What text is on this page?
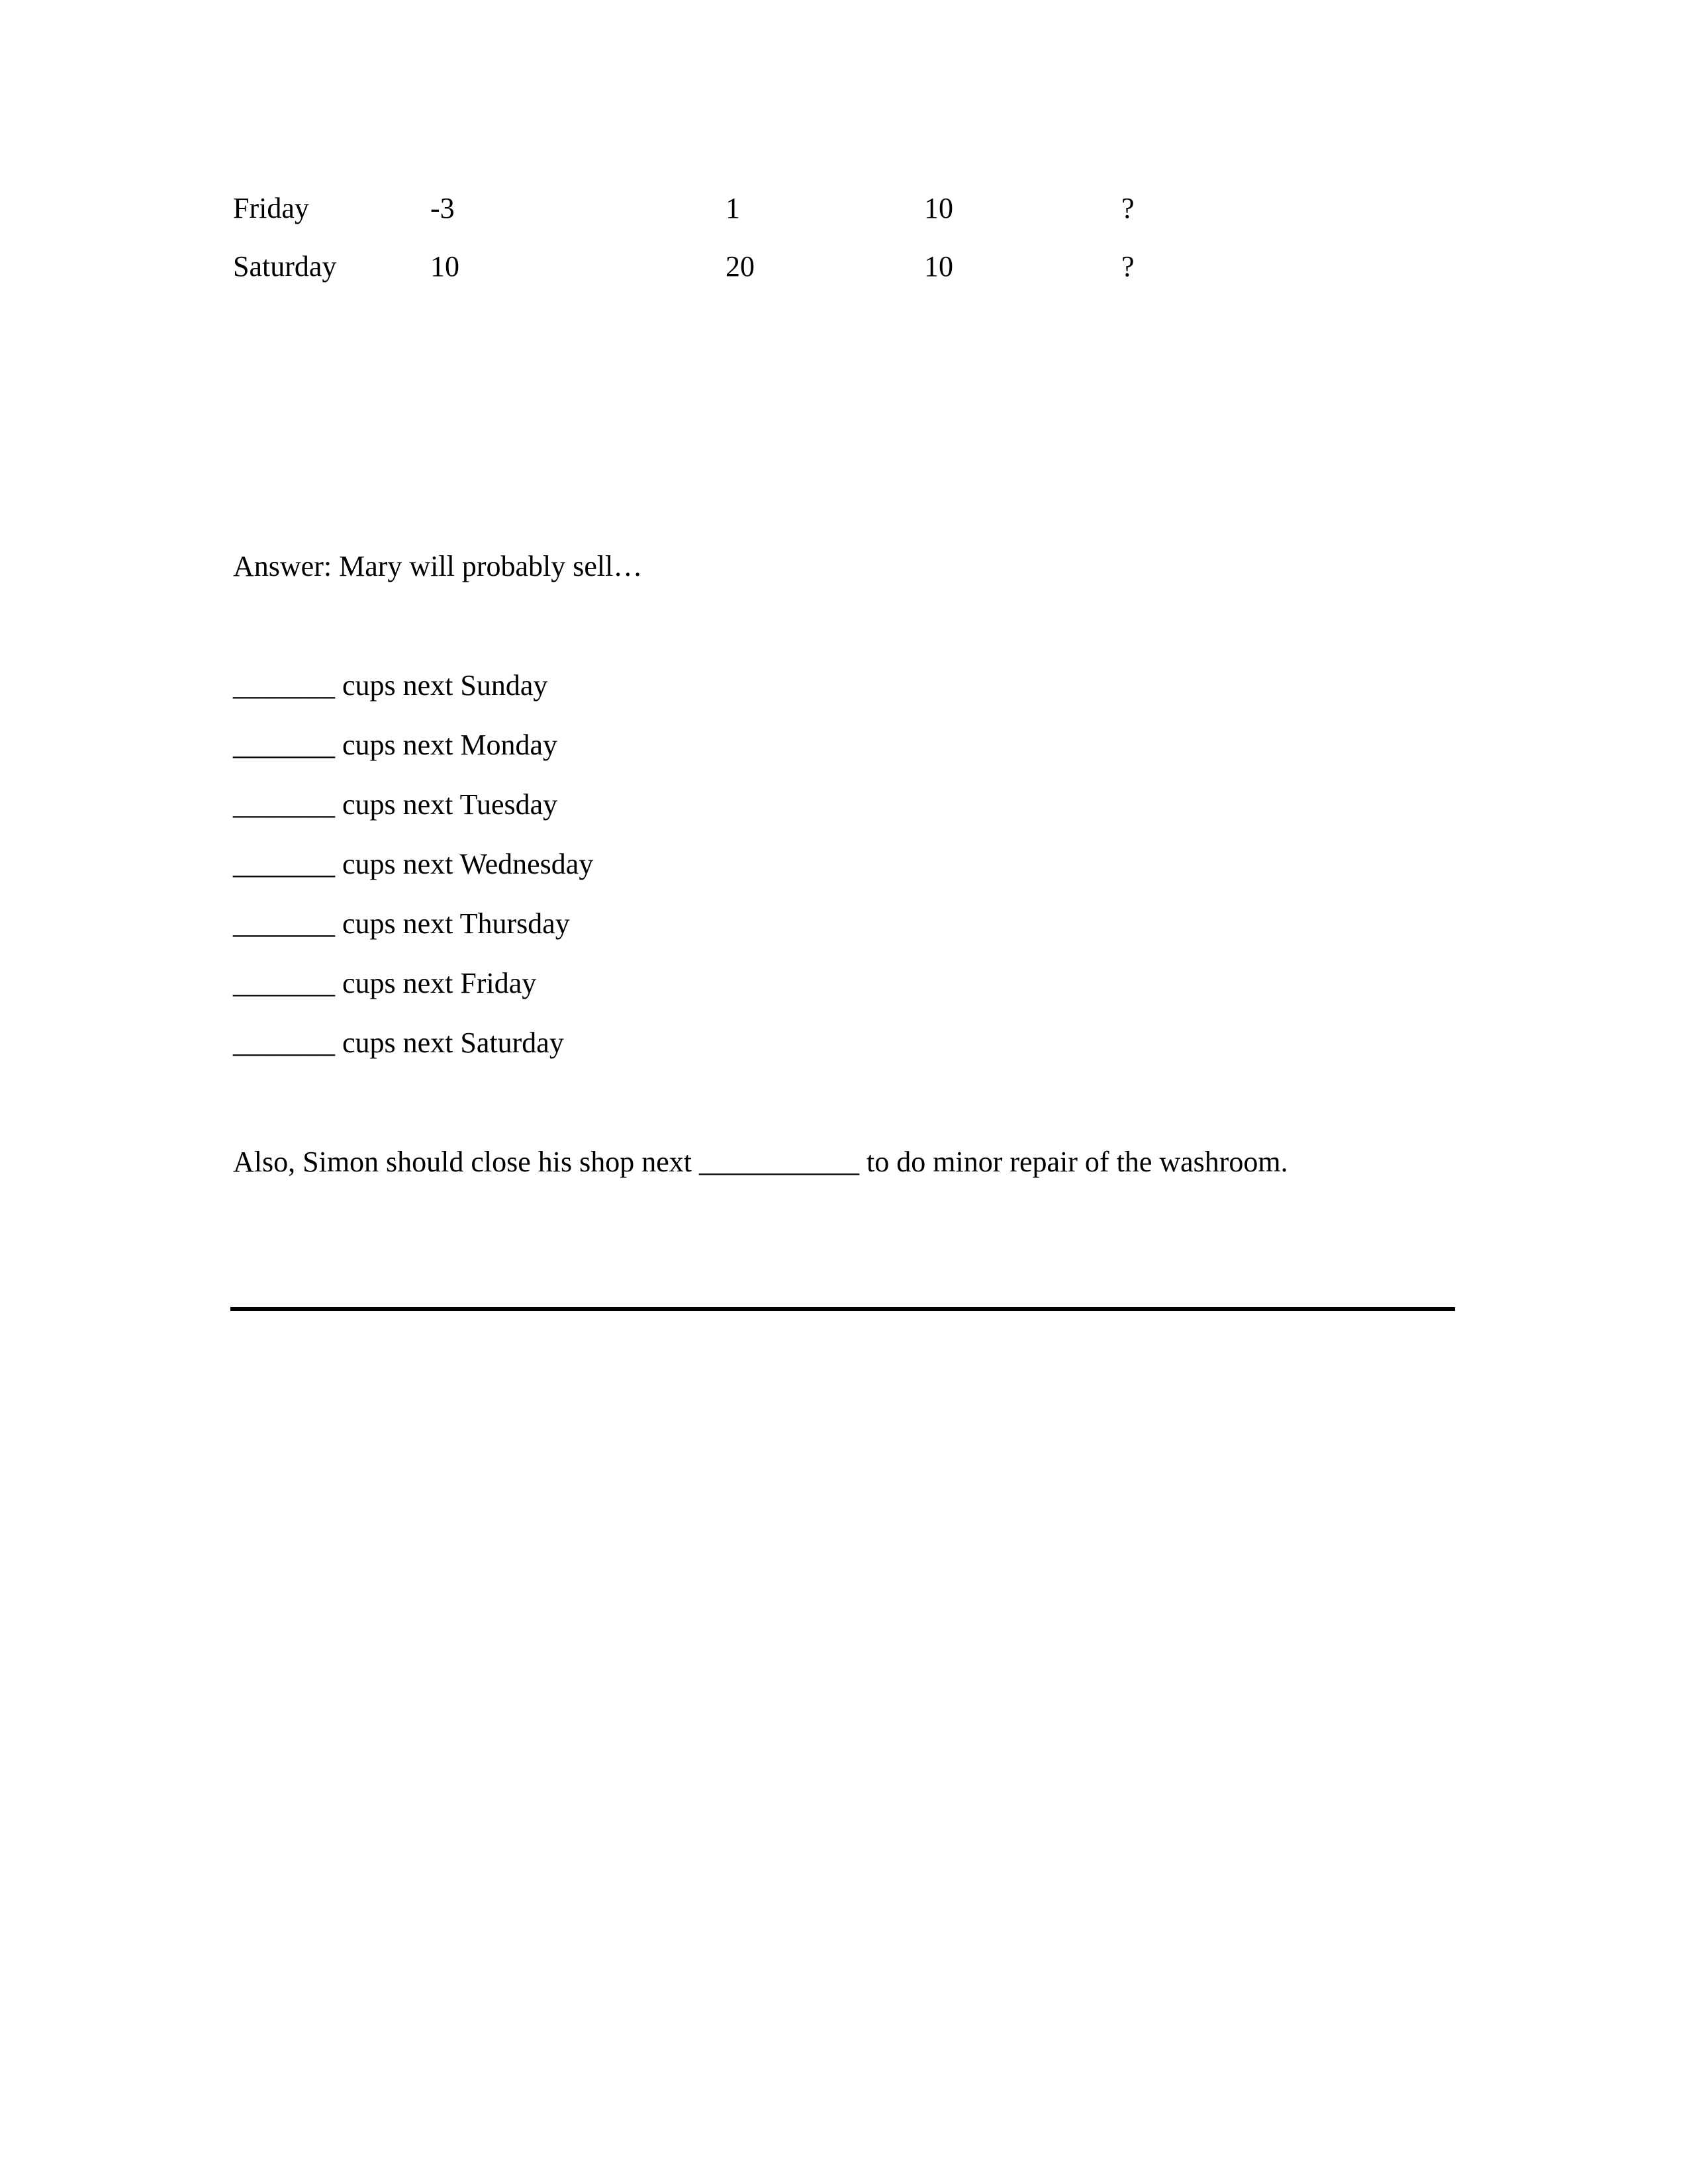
Friday	-3	1	10	?
Saturday	10	20	10	?
Answer: Mary will probably sell…
_______ cups next Sunday
_______ cups next Monday
_______ cups next Tuesday
_______ cups next Wednesday
_______ cups next Thursday
_______ cups next Friday
_______ cups next Saturday
Also, Simon should close his shop next ___________ to do minor repair of the washroom.
